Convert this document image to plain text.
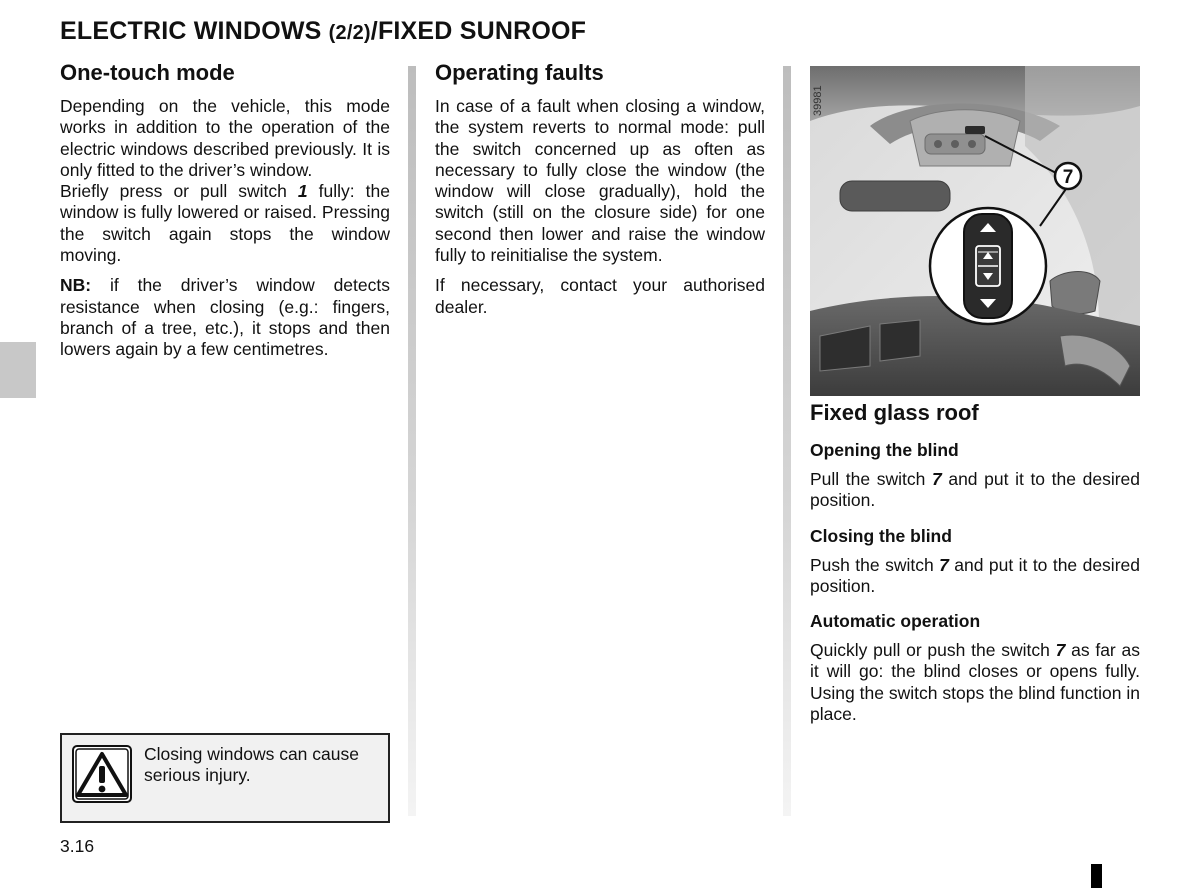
ELECTRIC WINDOWS (2/2)/FIXED SUNROOF
One-touch mode

Depending on the vehicle, this mode works in addition to the operation of the electric windows described previously. It is only fitted to the driver’s window.

Briefly press or pull switch 1 fully: the window is fully lowered or raised. Pressing the switch again stops the window moving.

NB: if the driver’s window detects resistance when closing (e.g.: fingers, branch of a tree, etc.), it stops and then lowers again by a few centimetres.

Operating faults

In case of a fault when closing a window, the system reverts to normal mode: pull the switch concerned up as often as necessary to fully close the window (the window will close gradually), hold the switch (still on the closure side) for one second then lower and raise the window fully to reinitialise the system.

If necessary, contact your authorised dealer.

7
39981
Fixed glass roof
Opening the blind

Pull the switch 7 and put it to the desired position.

Closing the blind

Push the switch 7 and put it to the desired position.

Automatic operation

Quickly pull or push the switch 7 as far as it will go: the blind closes or opens fully. Using the switch stops the blind function in place.

Closing windows can cause serious injury.
3.16
